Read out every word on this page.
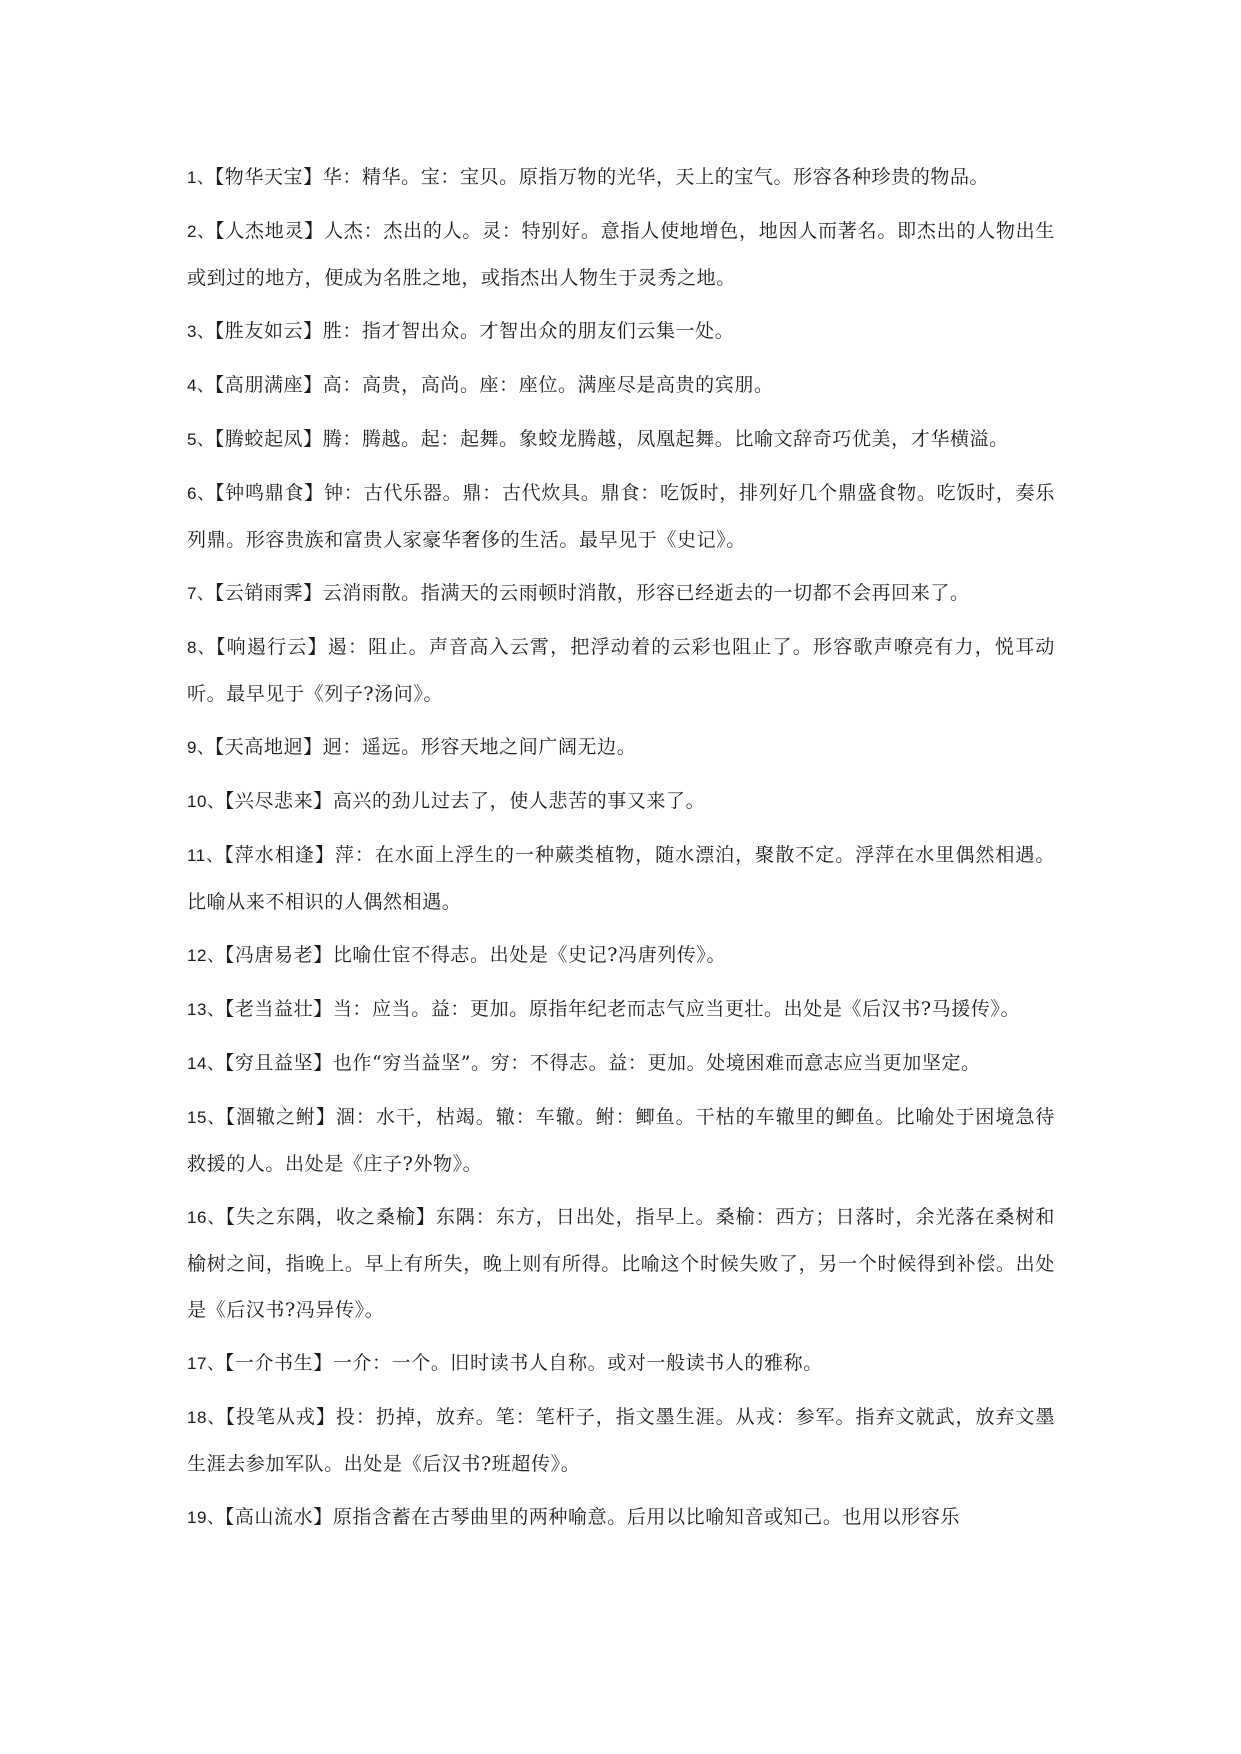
1、【物华天宝】华：精华。宝：宝贝。原指万物的光华，天上的宝气。形容各种珍贵的物品。

2、【人杰地灵】人杰：杰出的人。灵：特别好。意指人使地增色，地因人而著名。即杰出的人物出生或到过的地方，便成为名胜之地，或指杰出人物生于灵秀之地。

3、【胜友如云】胜：指才智出众。才智出众的朋友们云集一处。

4、【高朋满座】高：高贵，高尚。座：座位。满座尽是高贵的宾朋。

5、【腾蛟起凤】腾：腾越。起：起舞。象蛟龙腾越，凤凰起舞。比喻文辞奇巧优美，才华横溢。

6、【钟鸣鼎食】钟：古代乐器。鼎：古代炊具。鼎食：吃饭时，排列好几个鼎盛食物。吃饭时，奏乐列鼎。形容贵族和富贵人家豪华奢侈的生活。最早见于《史记》。

7、【云销雨霁】云消雨散。指满天的云雨顿时消散，形容已经逝去的一切都不会再回来了。

8、【响遏行云】遏：阻止。声音高入云霄，把浮动着的云彩也阻止了。形容歌声嘹亮有力，悦耳动听。最早见于《列子?汤问》。

9、【天高地迥】迥：遥远。形容天地之间广阔无边。

10、【兴尽悲来】高兴的劲儿过去了，使人悲苦的事又来了。

11、【萍水相逢】萍：在水面上浮生的一种蕨类植物，随水漂泊，聚散不定。浮萍在水里偶然相遇。比喻从来不相识的人偶然相遇。

12、【冯唐易老】比喻仕宦不得志。出处是《史记?冯唐列传》。

13、【老当益壮】当：应当。益：更加。原指年纪老而志气应当更壮。出处是《后汉书?马援传》。

14、【穷且益坚】也作“穷当益坚”。穷：不得志。益：更加。处境困难而意志应当更加坚定。

15、【涸辙之鲋】涸：水干，枯竭。辙：车辙。鲋：鲫鱼。干枯的车辙里的鲫鱼。比喻处于困境急待救援的人。出处是《庄子?外物》。

16、【失之东隅，收之桑榆】东隅：东方，日出处，指早上。桑榆：西方；日落时，余光落在桑树和榆树之间，指晚上。早上有所失，晚上则有所得。比喻这个时候失败了，另一个时候得到补偿。出处是《后汉书?冯异传》。

17、【一介书生】一介：一个。旧时读书人自称。或对一般读书人的雅称。

18、【投笔从戎】投：扔掉，放弃。笔：笔杆子，指文墨生涯。从戎：参军。指弃文就武，放弃文墨生涯去参加军队。出处是《后汉书?班超传》。

19、【高山流水】原指含蓄在古琴曲里的两种喻意。后用以比喻知音或知己。也用以形容乐
